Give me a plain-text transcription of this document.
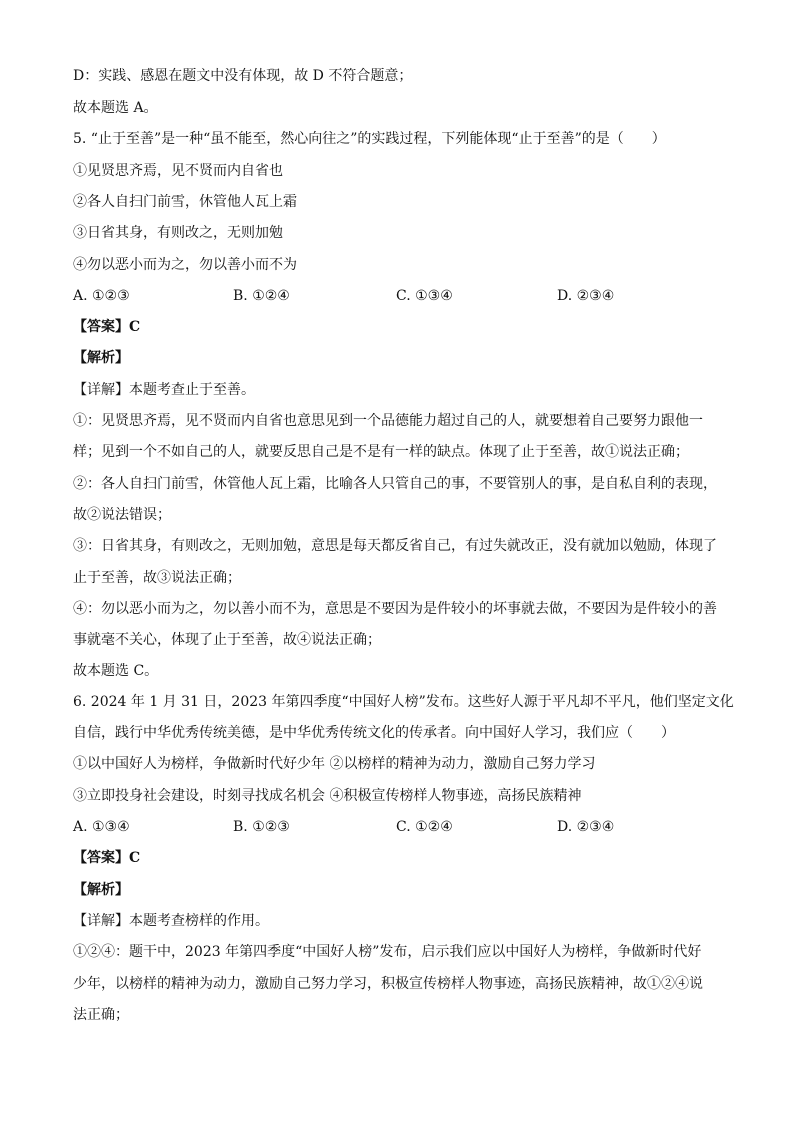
D：实践、感恩在题文中没有体现，故 D 不符合题意；
故本题选 A。
5. “止于至善”是一种“虽不能至，然心向往之”的实践过程，下列能体现“止于至善”的是（　　）
①见贤思齐焉，见不贤而内自省也
②各人自扫门前雪，休管他人瓦上霜
③日省其身，有则改之，无则加勉
④勿以恶小而为之，勿以善小而不为
A. ①②③	B. ①②④	C. ①③④	D. ②③④
【答案】C
【解析】
【详解】本题考查止于至善。
①：见贤思齐焉，见不贤而内自省也意思见到一个品德能力超过自己的人，就要想着自己要努力跟他一
样；见到一个不如自己的人，就要反思自己是不是有一样的缺点。体现了止于至善，故①说法正确；
②：各人自扫门前雪，休管他人瓦上霜，比喻各人只管自己的事，不要管别人的事，是自私自利的表现，
故②说法错误；
③：日省其身，有则改之，无则加勉，意思是每天都反省自己，有过失就改正，没有就加以勉励，体现了
止于至善，故③说法正确；
④：勿以恶小而为之，勿以善小而不为，意思是不要因为是件较小的坏事就去做，不要因为是件较小的善
事就毫不关心，体现了止于至善，故④说法正确；
故本题选 C。
6. 2024 年 1 月 31 日，2023 年第四季度“中国好人榜”发布。这些好人源于平凡却不平凡，他们坚定文化
自信，践行中华优秀传统美德，是中华优秀传统文化的传承者。向中国好人学习，我们应（　　）
①以中国好人为榜样，争做新时代好少年 ②以榜样的精神为动力，激励自己努力学习
③立即投身社会建设，时刻寻找成名机会 ④积极宣传榜样人物事迹，高扬民族精神
A. ①③④	B. ①②③	C. ①②④	D. ②③④
【答案】C
【解析】
【详解】本题考查榜样的作用。
①②④：题干中，2023 年第四季度“中国好人榜”发布，启示我们应以中国好人为榜样，争做新时代好
少年，以榜样的精神为动力，激励自己努力学习，积极宣传榜样人物事迹，高扬民族精神，故①②④说
法正确；
